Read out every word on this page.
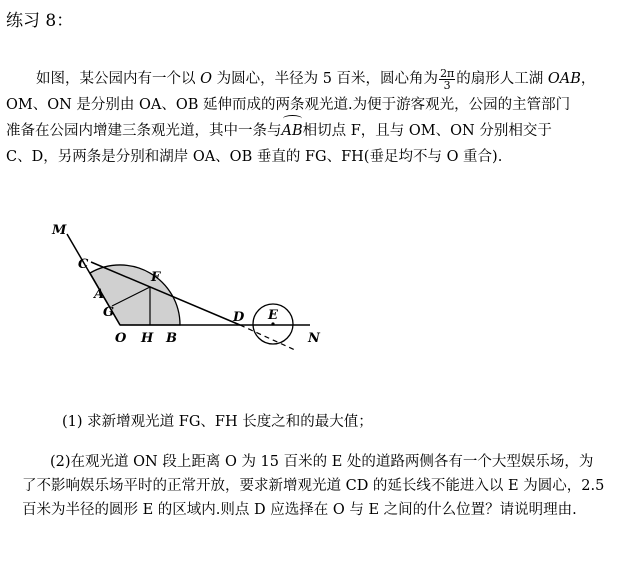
练习 8：
如图，某公园内有一个以 O 为圆心，半径为 5 百米，圆心角为 $\frac{2\pi}{3}$ 的扇形人工湖 OAB，
OM、ON 是分别由 OA、OB 延伸而成的两条观光道.为便于游客观光，公园的主管部门
准备在公园内增建三条观光道，其中一条与AB相切点 F，且与 OM、ON 分别相交于
C、D，另两条是分别和湖岸 OA、OB 垂直的 FG、FH(垂足均不与 O 重合).
M
C
F
A
G
O H B
D E
N
(1) 求新增观光道 FG、FH 长度之和的最大值；
(2)在观光道 ON 段上距离 O 为 15 百米的 E 处的道路两侧各有一个大型娱乐场，为
了不影响娱乐场平时的正常开放，要求新增观光道 CD 的延长线不能进入以 E 为圆心，2.5
百米为半径的圆形 E 的区域内.则点 D 应选择在 O 与 E 之间的什么位置？请说明理由.
